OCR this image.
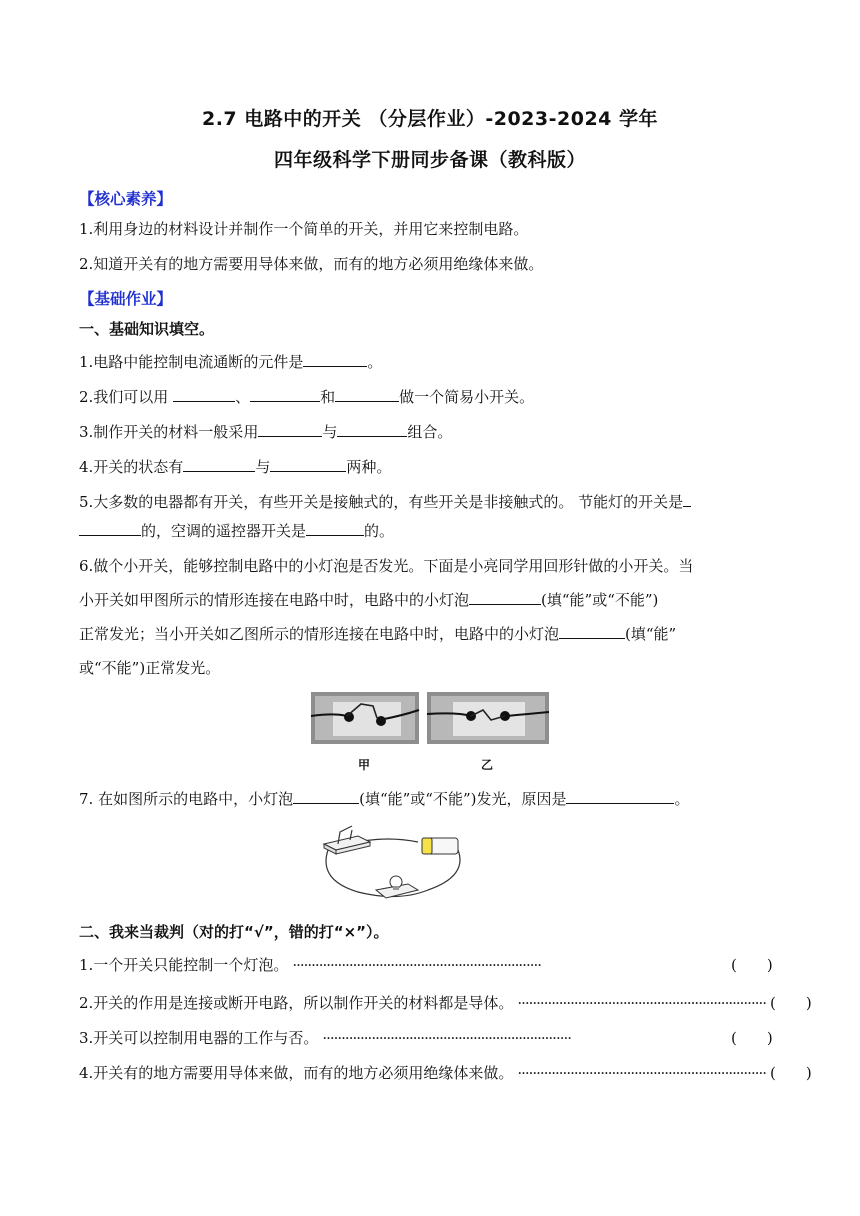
2.7 电路中的开关 （分层作业）-2023-2024 学年
四年级科学下册同步备课（教科版）
【核心素养】
1.利用身边的材料设计并制作一个简单的开关，并用它来控制电路。
2.知道开关有的地方需要用导体来做，而有的地方必须用绝缘体来做。
【基础作业】
一、基础知识填空。
1.电路中能控制电流通断的元件是	。
2.我们可以用	、	和	做一个简易小开关。
3.制作开关的材料一般采用	与	组合。
4.开关的状态有	与	两种。
5.大多数的电器都有开关，有些开关是接触式的，有些开关是非接触式的。 节能灯的开关是
的，空调的遥控器开关是	的。
6.做个小开关，能够控制电路中的小灯泡是否发光。下面是小亮同学用回形针做的小开关。当
小开关如甲图所示的情形连接在电路中时，电路中的小灯泡	(填“能”或“不能”)
正常发光；当小开关如乙图所示的情形连接在电路中时，电路中的小灯泡	(填“能”
或“不能”)正常发光。
甲	乙
7. 在如图所示的电路中，小灯泡	(填“能”或“不能”)发光，原因是	。
二、我来当裁判（对的打“√”，错的打“×”）。
1.一个开关只能控制一个灯泡。 ··································································	(　　)
2.开关的作用是连接或断开电路，所以制作开关的材料都是导体。 ·································································· (　　)
3.开关可以控制用电器的工作与否。 ··································································	(　　)
4.开关有的地方需要用导体来做，而有的地方必须用绝缘体来做。 ·································································· (　　)
